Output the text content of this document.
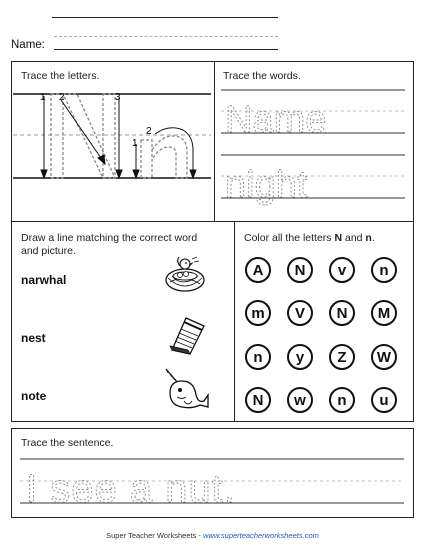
Name:
Trace the letters.
1 2	3
1
2
Trace the words.
Name
night
Draw a line matching the correct word and picture.
narwhal
nest
note
Color all the letters N and n.
A	N	v	n
m	V	N	M
n	y	Z	W
N	w	n	u
Trace the sentence.
I see a nut.
Super Teacher Worksheets - www.superteacherworksheets.com
